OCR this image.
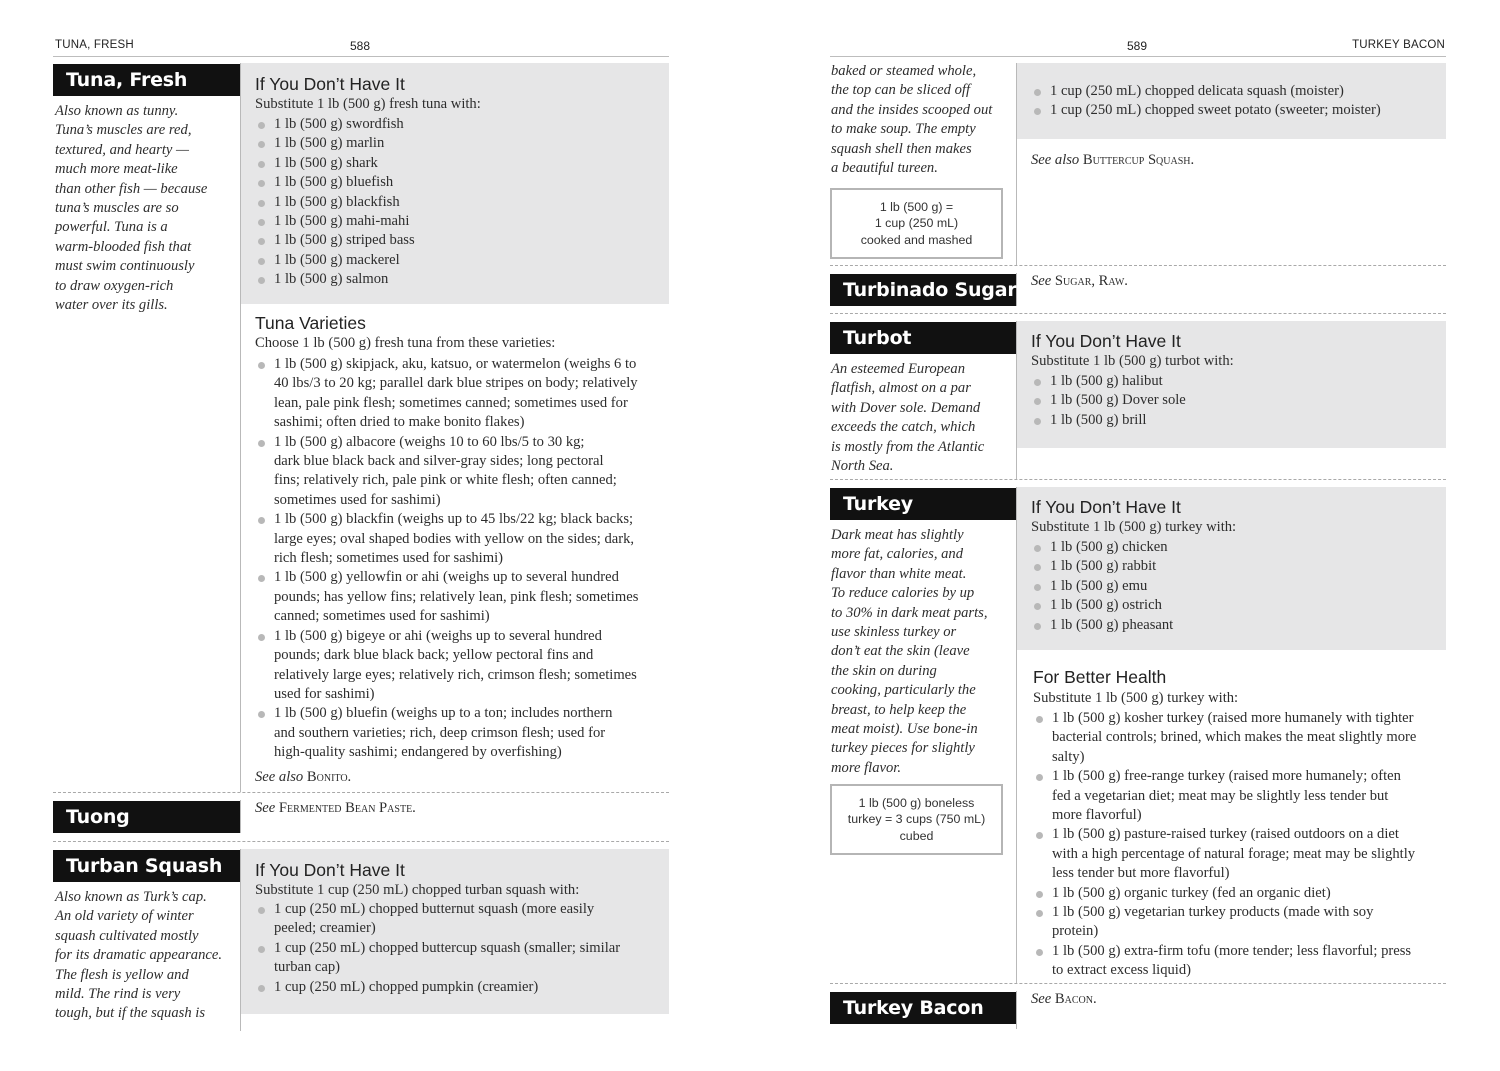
TUNA, FRESH	588
Tuna, Fresh
Also known as tunny.
Tuna’s muscles are red,
textured, and hearty —
much more meat-like
than other fish — because
tuna’s muscles are so
powerful. Tuna is a
warm-blooded fish that
must swim continuously
to draw oxygen-rich
water over its gills.
If You Don’t Have It
Substitute 1 lb (500 g) fresh tuna with:
1 lb (500 g) swordfish
1 lb (500 g) marlin
1 lb (500 g) shark
1 lb (500 g) bluefish
1 lb (500 g) blackfish
1 lb (500 g) mahi-mahi
1 lb (500 g) striped bass
1 lb (500 g) mackerel
1 lb (500 g) salmon
Tuna Varieties
Choose 1 lb (500 g) fresh tuna from these varieties:
1 lb (500 g) skipjack, aku, katsuo, or watermelon (weighs 6 to
40 lbs/3 to 20 kg; parallel dark blue stripes on body; relatively
lean, pale pink flesh; sometimes canned; sometimes used for
sashimi; often dried to make bonito flakes)
1 lb (500 g) albacore (weighs 10 to 60 lbs/5 to 30 kg;
dark blue black back and silver-gray sides; long pectoral
fins; relatively rich, pale pink or white flesh; often canned;
sometimes used for sashimi)
1 lb (500 g) blackfin (weighs up to 45 lbs/22 kg; black backs;
large eyes; oval shaped bodies with yellow on the sides; dark,
rich flesh; sometimes used for sashimi)
1 lb (500 g) yellowfin or ahi (weighs up to several hundred
pounds; has yellow fins; relatively lean, pink flesh; sometimes
canned; sometimes used for sashimi)
1 lb (500 g) bigeye or ahi (weighs up to several hundred
pounds; dark blue black back; yellow pectoral fins and
relatively large eyes; relatively rich, crimson flesh; sometimes
used for sashimi)
1 lb (500 g) bluefin (weighs up to a ton; includes northern
and southern varieties; rich, deep crimson flesh; used for
high-quality sashimi; endangered by overfishing)
See also Bonito.
Tuong	See Fermented Bean Paste.
Turban Squash
Also known as Turk’s cap.
An old variety of winter
squash cultivated mostly
for its dramatic appearance.
The flesh is yellow and
mild. The rind is very
tough, but if the squash is
If You Don’t Have It
Substitute 1 cup (250 mL) chopped turban squash with:
1 cup (250 mL) chopped butternut squash (more easily
peeled; creamier)
1 cup (250 mL) chopped buttercup squash (smaller; similar
turban cap)
1 cup (250 mL) chopped pumpkin (creamier)
589	TURKEY BACON
baked or steamed whole,
the top can be sliced off
and the insides scooped out
to make soup. The empty
squash shell then makes
a beautiful tureen.
1 lb (500 g) =
1 cup (250 mL)
cooked and mashed
1 cup (250 mL) chopped delicata squash (moister)
1 cup (250 mL) chopped sweet potato (sweeter; moister)
See also Buttercup Squash.
Turbinado Sugar See Sugar, Raw.
Turbot
An esteemed European
flatfish, almost on a par
with Dover sole. Demand
exceeds the catch, which
is mostly from the Atlantic
North Sea.
If You Don’t Have It
Substitute 1 lb (500 g) turbot with:
1 lb (500 g) halibut
1 lb (500 g) Dover sole
1 lb (500 g) brill
Turkey
Dark meat has slightly
more fat, calories, and
flavor than white meat.
To reduce calories by up
to 30% in dark meat parts,
use skinless turkey or
don’t eat the skin (leave
the skin on during
cooking, particularly the
breast, to help keep the
meat moist). Use bone-in
turkey pieces for slightly
more flavor.
1 lb (500 g) boneless
turkey = 3 cups (750 mL)
cubed
If You Don’t Have It
Substitute 1 lb (500 g) turkey with:
1 lb (500 g) chicken
1 lb (500 g) rabbit
1 lb (500 g) emu
1 lb (500 g) ostrich
1 lb (500 g) pheasant
For Better Health
Substitute 1 lb (500 g) turkey with:
1 lb (500 g) kosher turkey (raised more humanely with tighter
bacterial controls; brined, which makes the meat slightly more
salty)
1 lb (500 g) free-range turkey (raised more humanely; often
fed a vegetarian diet; meat may be slightly less tender but
more flavorful)
1 lb (500 g) pasture-raised turkey (raised outdoors on a diet
with a high percentage of natural forage; meat may be slightly
less tender but more flavorful)
1 lb (500 g) organic turkey (fed an organic diet)
1 lb (500 g) vegetarian turkey products (made with soy
protein)
1 lb (500 g) extra-firm tofu (more tender; less flavorful; press
to extract excess liquid)
Turkey Bacon	See Bacon.
